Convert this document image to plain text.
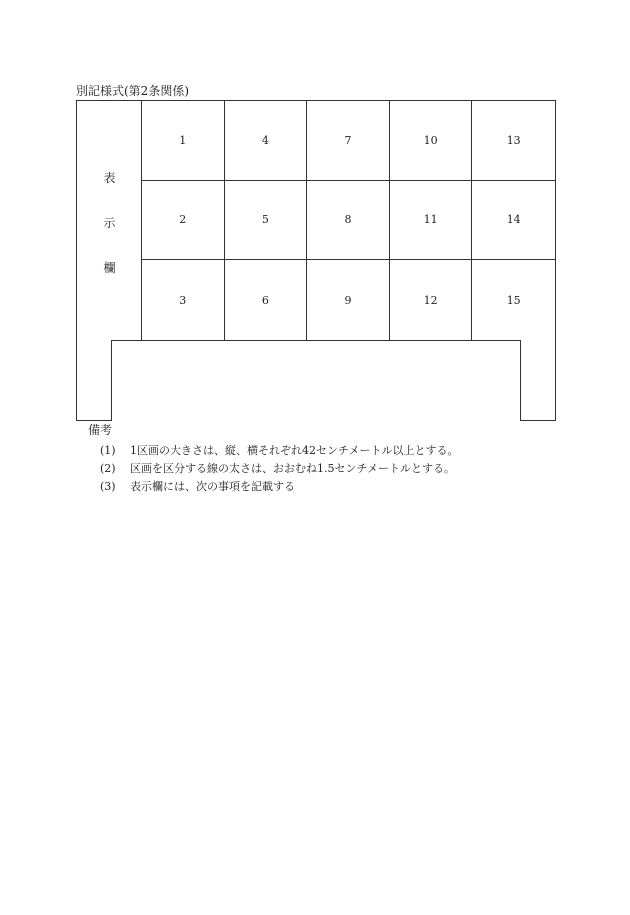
別記様式(第2条関係)
表
示
欄
1	4	7	10	13
2	5	8	11	14
3	6	9	12	15
備考
(1) 1区画の大きさは、縦、横それぞれ42センチメートル以上とする。
(2) 区画を区分する線の太さは、おおむね1.5センチメートルとする。
(3) 表示欄には、次の事項を記載する
